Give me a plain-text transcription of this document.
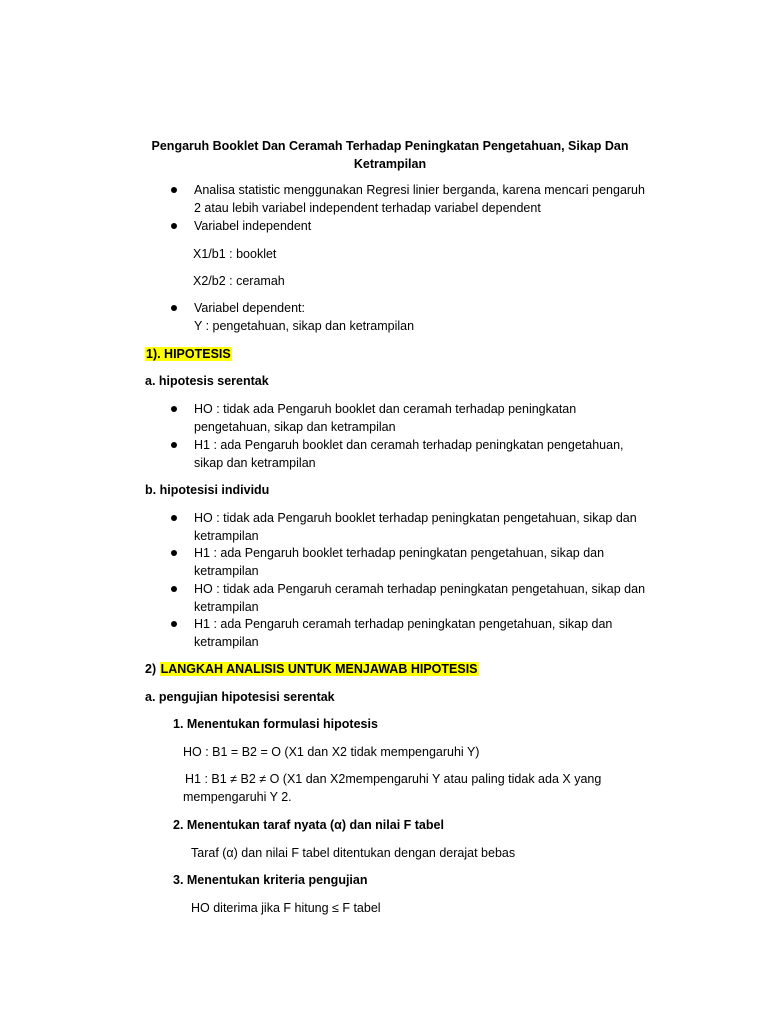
Pengaruh Booklet Dan Ceramah Terhadap Peningkatan Pengetahuan, Sikap Dan Ketrampilan
Analisa statistic menggunakan Regresi linier berganda, karena mencari pengaruh
2 atau lebih variabel independent terhadap variabel dependent
Variabel independent
X1/b1 : booklet
X2/b2 : ceramah
Variabel dependent:
Y : pengetahuan, sikap dan ketrampilan
1). HIPOTESIS
a. hipotesis serentak
HO : tidak ada Pengaruh booklet dan ceramah terhadap peningkatan
pengetahuan, sikap dan ketrampilan
H1 : ada Pengaruh booklet dan ceramah terhadap peningkatan pengetahuan,
sikap dan ketrampilan
b. hipotesisi individu
HO : tidak ada Pengaruh booklet terhadap peningkatan pengetahuan, sikap dan
ketrampilan
H1 : ada Pengaruh booklet terhadap peningkatan pengetahuan, sikap dan
ketrampilan
HO : tidak ada Pengaruh ceramah terhadap peningkatan pengetahuan, sikap dan
ketrampilan
H1 : ada Pengaruh ceramah terhadap peningkatan pengetahuan, sikap dan
ketrampilan
2) LANGKAH ANALISIS UNTUK MENJAWAB HIPOTESIS
a. pengujian hipotesisi serentak
1. Menentukan formulasi hipotesis
HO : B1 = B2 = O (X1 dan X2 tidak mempengaruhi Y)
H1 : B1 ≠ B2 ≠ O (X1 dan X2mempengaruhi Y atau paling tidak ada X yang
mempengaruhi Y 2.
2. Menentukan taraf nyata (α) dan nilai F tabel
Taraf (α) dan nilai F tabel ditentukan dengan derajat bebas
3. Menentukan kriteria pengujian
HO diterima jika F hitung ≤ F tabel
